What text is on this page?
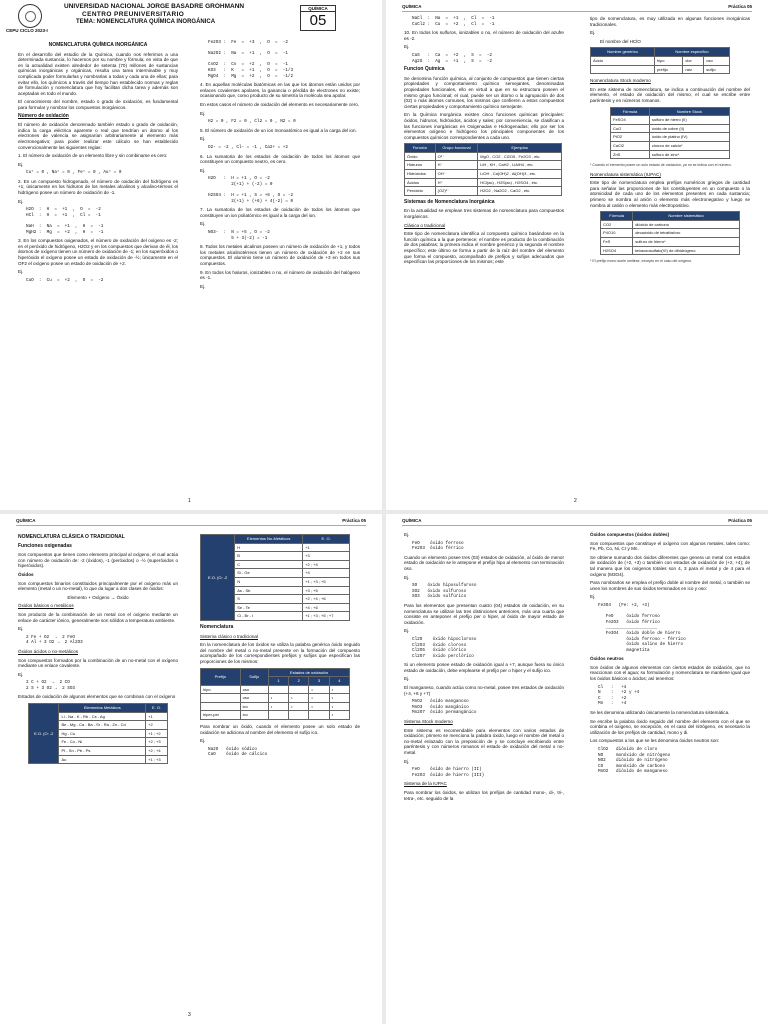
UNIVERSIDAD NACIONAL JORGE BASADRE GROHMANN
CENTRO PREUNIVERSITARIO
TEMA: NOMENCLATURA QUÍMICA INORGÁNICA
CEPU CICLO 2023-I
QUÍMICA
05
NOMENCLATURA QUÍMICA INORGÁNICA

En el desarrollo del estudio de la Química, cuando nos referimos a una determinada sustancia, lo hacemos por su nombre y fórmula; en vista de que en la actualidad existen alrededor de setenta (70) millones de sustancias químicas inorgánicas y orgánicas, resulta una tarea interminable y muy complicada poder formularlas y nombrarlas a todas y cada una de ellas; para evitar ello, los químicos a través del tiempo han establecido normas y reglas de formulación y nomenclatura que hoy facilitan dicha tarea y además son aceptadas en todo el mundo.

El conocimiento del nombre, estado o grado de oxidación, es fundamental para formular y nombrar los compuestos inorgánicos.

Número de oxidación

El número de oxidación denominado también estado o grado de oxidación, indica la carga eléctrica aparente o real que tendrían un átomo al los electrones de valencia se asignarían arbitrariamente al elemento más electronegativo; para poder realizar este cálculo se han establecido convencionalmente las siguientes reglas:

1. El número de oxidación de un elemento libre y sin combinarse es cero:

Ej.

Cu° = 0 , Na° = 0 , Fe° = 0 , Au° = 0

2. En un compuesto hidrogenado, el número de oxidación del hidrógeno es +1; únicamente en los hidruros de los metales alcalinos y alcalino-térreos el hidrógeno posee un número de oxidación de -1.

Ej.

H2O  :  H  =  +1  ,  O  =  -2
HCl  :  H  =  +1  ,  Cl =  -1

NaH  :  Na  =  +1  ,  H  =  -1
MgH2 :  Mg  =  +2  ,  H  =  -1

3. En los compuestos oxigenados, el número de oxidación del oxígeno es -2; en el peróxido de hidrógeno, H2O2 y en los compuestos que derivan de él, los átomos de oxígeno tienen un número de oxidación de -1; en los superóxidos o hiperóxido el oxígeno posee un estado de oxidación de -½; únicamente en el OF2 el oxígeno posee un estado de oxidación de +2.

Ej.

CuO  :  Cu  =  +2  ,  O  =  -2
Fe2O3 :  Fe  =  +3  ,  O  =  -2

Na2O2 :  Na  =  +1  ,  O  =  -1

CsO2  :  Cs  =  +2  ,  O  =  -1
KO3   :  K   =  +1  ,  O  =  -1/3
MgO4  :  Mg  =  +2  ,  O  =  -1/2

4. En aquellas moléculas biatómicas en las que los átomos están unidos por enlaces covalentes apolares, la ganancia o pérdida de electrones no existe; ocasionando que, como producto de su simetría la molécula sea apolar.

En estos casos el número de oxidación del elemento es necesariamente cero.

Ej.

H2 = 0 , F2 = 0 , Cl2 = 0 , N2 = 0

5. El número de oxidación de un ion monoatómico es igual a la carga del ion.

Ej.

O2- = -2 , Cl- = -1 , Ca2+ = +2

6. La sumatoria de los estados de oxidación de todos los átomos que constituyen un compuesto neutro, es cero.

Ej.

H2O   :  H = +1 , O = -2
2(+1) + (-2) = 0

H2SO4 :  H = +1 , S = +6 , O = -2
2(+1) + (+6) + 4(-2) = 0

7. La sumatoria de los estados de oxidación de todos los átomos que constituyen un ion poliatómico es igual a la carga del ion.

Ej.

NO3-  :  N = +5 , O = -2
5 + 3(-2) = -1

8. Todos los metales alcalinos poseen un número de oxidación de +1, y todos los metales alcalinotérreos tienen un número de oxidación de +2 en sus compuestos. El aluminio tiene un número de oxidación de +3 en todos sus compuestos.

9. En todos los haluros, ionizables o no, el número de oxidación del halógeno es -1.

Ej.

1
QUÍMICA	Práctica 05
NaCl  :  Na  =  +1  ,  Cl  =  -1
CuCl2 :  Cu  =  +2  ,  Cl  =  -1

10. En todos los sulfuros, ionizables o no, el número de oxidación del azufre es -2.

Ej.

CaS   :  Ca  =  +2  ,  S  =  -2
Ag2S  :  Ag  =  +1  ,  S  =  -2
Funcion Química

Se denomina función química, al conjunto de compuestos que tienen ciertas propiedades y comportamiento químico semejantes, denominadas propiedades funcionales, ello en virtud a que en su estructura poseen el mismo grupo funcional; el cual, puede ser un átomo o la agrupación de dos (02) o más átomos comunes, los mismos que confieren a estos compuestos ciertas propiedades y comportamiento químico semejante.

En la Química Inorgánica existen cinco funciones químicas principales: óxidos, hidruros, hidróxidos, ácidos y sales; por conveniencia, se clasifican a las funciones inorgánicas en Oxigenadas e Hidrogenadas; ello por ser los elementos oxígeno e hidrógeno los principales componentes de los compuestos químicos correspondientes a cada uno.

Función	Grupo funcional	Ejemplos
Óxido	O²⁻	MgO , CO2 , Cl2O5 , Fe2O3 , etc.
Hidruros	H⁻	LiH , KH , CaH2 , LiAlH4 , etc.
Hidróxidos	OH⁻	LiOH , Ca(OH)2 , Al(OH)3 , etc.
Ácidos	H⁺	HCl(ac) , H2S(ac) , H2SO4 , etc.
Peróxido	(O2)²⁻	H2O2 , Na2O2 , CaO2 , etc.
Sistemas de Nomenclatura Inorgánica

En la actualidad se emplean tres sistemas de nomenclatura para compuestos inorgánicos.

Clásica o tradicional

Este tipo de nomenclatura identifica al compuesto químico basándose en la función química a la que pertenece; el nombre es producto de la combinación de dos palabras; la primera indica el nombre genérico y la segunda el nombre específico; este último se forma a partir de la raíz del nombre del elemento que forma el compuesto, acompañado de prefijos y sufijos adecuados que especifican las proporciones de los mismos; este

tipo de nomenclatura, es muy utilizada en algunas funciones inorgánicas tradicionales.

Ej.

El nombre del HClO

Nombre genérico	Nombre específico		
Ácido	hipo	clor	oso
	prefijo	raíz	sufijo

Nomenclatura Stock moderno

En este sistema de nomenclatura, se indica a continuación del nombre del elemento, el estado de oxidación del mismo, el cual se escribe entre paréntesis y en números romanos.

Fórmula	Nombre Stock
FeSO4	sulfuro de hierro (II)
CuO	óxido de cobre (II)
PtO2	óxido de platino (IV)
CaCl2	cloruro de calcio*
ZnS	sulfuro de zinc*

* Cuando el elemento posee un solo estado de oxidación, ya no se indica con el número.

Nomenclatura sistemática (IUPAC)

Este tipo de nomenclatura emplea prefijos numéricos griegos de cantidad para señalar las proporciones de los constituyentes en un compuesto o la atomicidad de cada uno de los elementos presentes en cada sustancia; primero se nombra al anión o elemento más electronegativo y luego se nombra al catión o elemento más electropositivo.

Fórmula	Nombre sistemático
CO2	dióxido de carbono
P4O10	decaóxido de tetrafósforo
FeS	sulfuro de hierro*
H2SO4	tetraoxosulfato(VI) de dihidrógeno

* El prefijo mono suele omitirse, excepto en el caso del oxígeno.

2
QUÍMICA	Práctica 05
NOMENCLATURA CLÁSICA O TRADICIONAL
Funciones oxigenadas

Son compuestos que tienen como elemento principal al oxígeno, el cual actúa con número de oxidación de: -2 (óxidos), -1 (peróxidos) o -½ (superóxidos o hiperóxidos).

Óxidos

Son compuestos binarios constituidos principalmente por el oxígeno más un elemento (metal o un no-metal), lo que da lugar a dos clases de óxidos:

Elemento + Oxígeno → Óxido

Óxidos básicos o metálicos

Son producto de la combinación de un metal con el oxígeno mediante un enlace de carácter iónico, generalmente son sólidos a temperatura ambiente.

Ej.

2 Fe + O2  →  2 FeO
4 Al + 3 O2 →  2 Al2O3

Óxidos ácidos o no-metálicos

Son compuestos formados por la combinación de un no-metal con el oxígeno mediante un enlace covalente.

Ej.

2 C + O2  →  2 CO
2 S + 3 O2 →  2 SO3

Estados de oxidación de algunos elementos que se combinan con el oxígeno

E.O. (O: -2	Elementos Metálicos	E. O.
	Li - Na - K - Rb - Cs - Ag	+1
	Be - Mg - Ca - Ba - Sr - Ra - Zn - Cd	+2
	Hg - Cu	+1 ; +2
	Fe - Co - Ni	+2 ; +3
	Pt - Sn - Pb - Ps	+2 ; +4
	Au	+1 ; +3
E.O. (O: -2	Elementos No-Metálicos	E. O.
	H	+1
	B	+3
	C	+2 ; +4
	Si - Ge	+4
	N	+1 ; +3 ; +5
	As - Sb	+3 ; +5
	S	+2 ; +4 ; +6
	Se - Te	+4 ; +6
	Cl - Br - I	+1 ; +3 ; +5 ; +7
Nomenclatura

Sistema clásico o tradicional

En la nomenclatura de los óxidos se utiliza la palabra genérica óxido seguido del nombre del metal o no-metal presente en la formación del compuesto acompañado de los correspondientes prefijos y sufijos que especifican las proporciones de los mismos:

Prefijo	Sufijo	Estados de oxidación			
		1	2	3	4
hipo	oso			•	•
	oso	•	•	•	•
	ico	•	•	•	•
hiper-per	ico				•

Para nombrar un óxido, cuando el elemento posee un solo estado de oxidación se adiciona al nombre del elemento el sufijo ico.

Ej.

Na2O   óxido sódico
CaO    óxido de cálcico
3
QUÍMICA	Práctica 05

Ej.

FeO    óxido ferroso
Fe2O3  óxido férrico

Cuando un elemento posee tres (03) estados de oxidación, al óxido de menor estado de oxidación se le antepone el prefijo hipo al elemento con terminación oso.

Ej.

SO    óxido hiposulfuroso
SO2   óxido sulfuroso
SO3   óxido sulfúrico

Para los elementos que presentan cuatro (04) estados de oxidación, en su nomenclatura se utilizan las tres distinciones anteriores, más una cuarta que consiste en anteponer el prefijo per o hiper, al óxido de mayor estado de oxidación.

Ej.

Cl2O    óxido hipocloroso
Cl2O3   óxido cloroso
Cl2O5   óxido clórico
Cl2O7   óxido perclórico

Si un elemento posee estado de oxidación igual a +7, aunque fuera su único estado de oxidación, debe emplearse el prefijo per o hiper y el sufijo ico.

Ej.

El manganeso, cuando actúa como no-metal, posee tres estados de oxidación (+4, +6 y +7)

MnO2   óxido manganoso
MnO3   óxido mangánico
Mn2O7  óxido permangánico

Sistema Stock moderno

Este sistema es recomendable para elementos con varios estados de oxidación; primero se menciona la palabra óxido, luego el nombre del metal o no-metal enlazado con la preposición de y se concluye escribiendo entre paréntesis y con números romanos el estado de oxidación del metal o no-metal.

Ej.

FeO    óxido de hierro (II)
Fe2O3  óxido de hierro (III)

Sistema de la IUPAC

Para nombrar los óxidos, se utilizan los prefijos de cantidad mono-, di-, tri-, tetra-, etc. seguido de la

Óxidos compuestos (óxidos dobles)

Son compuestos que constituye el oxígeno con algunos metales, tales como: Fe, Pb, Co, Ni, Cr y Mn.

Se obtiene sumando dos óxidos diferentes que genera un metal con estados de oxidación de (+2, +3) o también con estados de oxidación de (+2, +4); de tal manera que los oxígenos totales son 4, 3 para el metal y de 4 para el oxígeno (M3O4).

Para nombrarlos se emplea el prefijo doble al nombre del metal, o también se unen los nombres de sus óxidos terminados en ico y oso:

Ej.

Fe3O4   (Fe: +2, +3)

FeO     óxido ferroso
Fe2O3   óxido férrico
____________________
Fe3O4   óxido doble de hierro
óxido ferroso – férrico
óxido salino de hierro
magnetita

Óxidos neutros

Son óxidos de algunos elementos con ciertos estados de oxidación, que no reaccionan con el agua; su formulación y nomenclatura se mantiene igual que los óxidos básicos o ácidos; así tenemos:

Cl   :   +4
N    :   +2 y +4
C    :   +2
Mn   :   +4

Se les denomina utilizando únicamente la nomenclatura sistemática.

Se escribe la palabra óxido seguido del nombre del elemento con el que se combina el oxígeno, se excepción, en el caso del nitrógeno, es necesario la utilización de los prefijos de cantidad, mono y di.

Los compuestos a los que se les denomina óxidos neutros son:

ClO2   dióxido de cloro
NO     monóxido de nitrógeno
NO2    dióxido de nitrógeno
CO     monóxido de carbono
MnO2   dióxido de manganeso
